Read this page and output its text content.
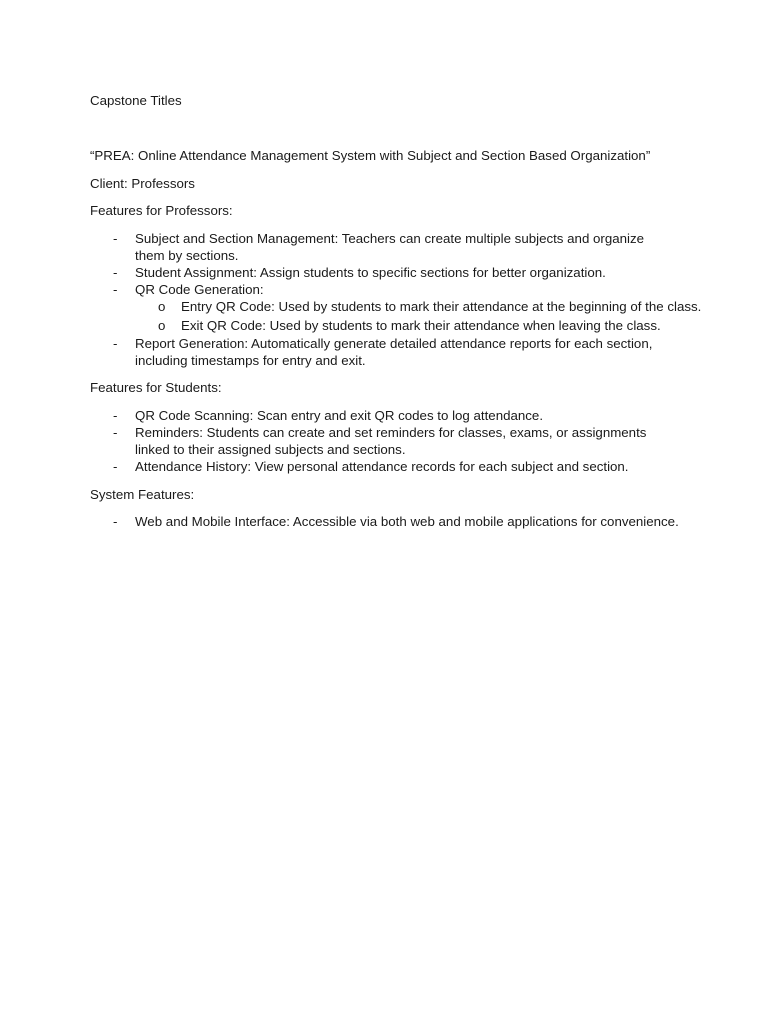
Capstone Titles
“PREA: Online Attendance Management System with Subject and Section Based Organization”
Client: Professors
Features for Professors:
- Subject and Section Management: Teachers can create multiple subjects and organize them by sections.
- Student Assignment: Assign students to specific sections for better organization.
- QR Code Generation:
o Entry QR Code: Used by students to mark their attendance at the beginning of the class.
o Exit QR Code: Used by students to mark their attendance when leaving the class.
- Report Generation: Automatically generate detailed attendance reports for each section, including timestamps for entry and exit.
Features for Students:
- QR Code Scanning: Scan entry and exit QR codes to log attendance.
- Reminders: Students can create and set reminders for classes, exams, or assignments linked to their assigned subjects and sections.
- Attendance History: View personal attendance records for each subject and section.
System Features:
- Web and Mobile Interface: Accessible via both web and mobile applications for convenience.
